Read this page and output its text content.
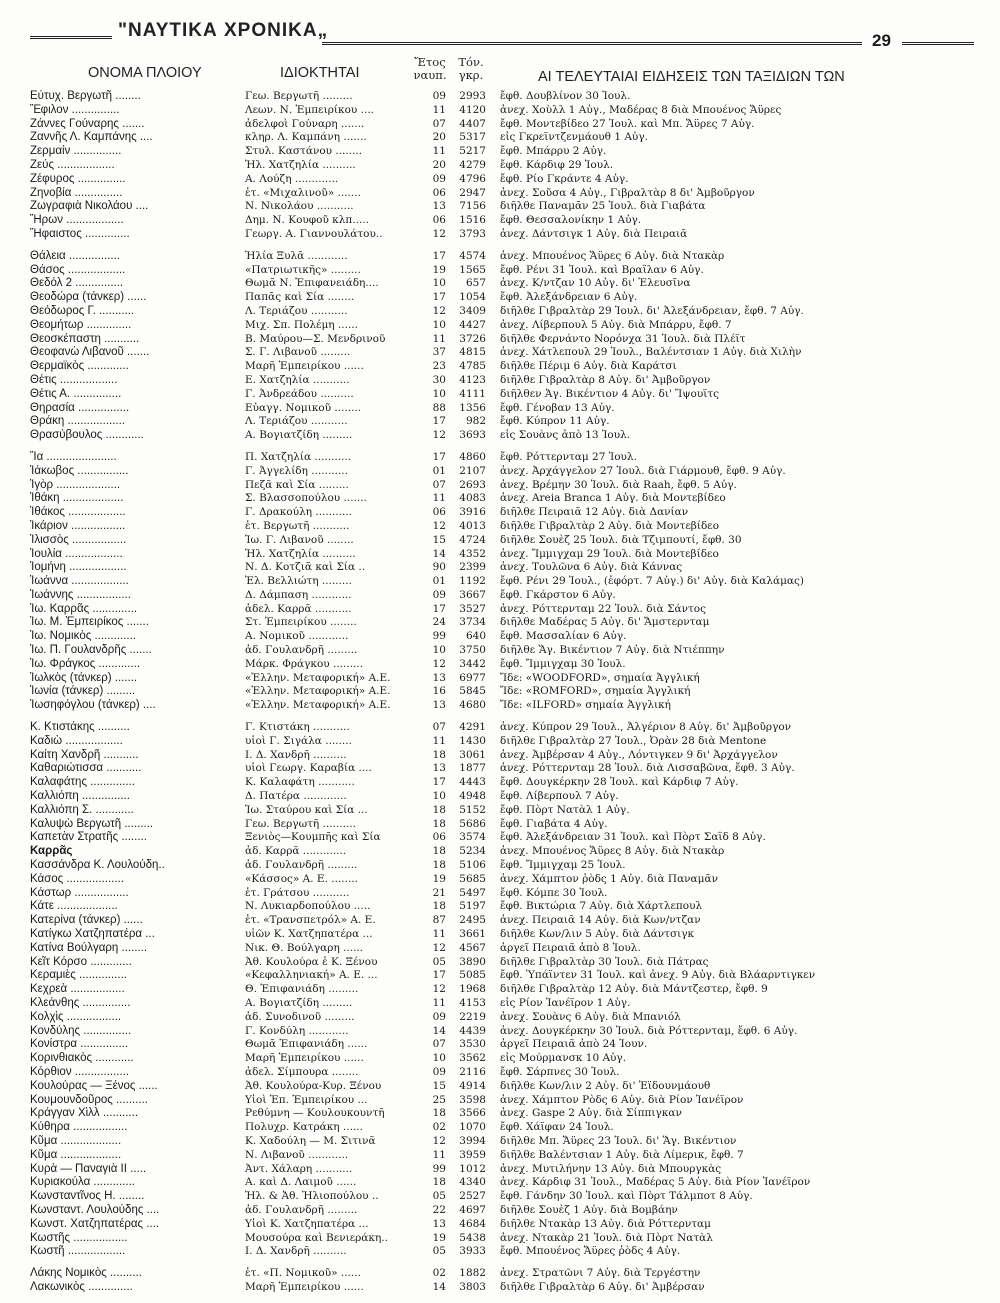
"ΝΑΥΤΙΚΑ ΧΡΟΝΙΚΑ„	29
ΟΝΟΜΑ ΠΛΟΙΟΥ	ΙΔΙΟΚΤΗΤΑΙ
Ἔτος
ναυπ.
Τόν.
γκρ.	ΑΙ ΤΕΛΕΥΤΑΙΑΙ ΕΙΔΗΣΕΙΣ ΤΩΝ ΤΑΞΙΔΙΩΝ ΤΩΝ
Εὐτυχ. Βεργωτῆ ........	Γεω. Βεργωτῆ .........	09	2993 ἔφθ. Δουβλίνον 30 Ἰουλ.
Ἔφιλον ...............	Λεων. Ν. Ἐμπειρίκου ....	11	4120 ἀνεχ. Χοὺλλ 1 Αὐγ., Μαδέρας 8 διὰ Μπουένος Ἄϋρες
Ζάννες Γούναρης .......	ἀδελφοὶ Γούναρη .......	07	4407 ἔφθ. Μοντεβίδεο 27 Ἰουλ. καὶ Μπ. Ἄϋρες 7 Αὐγ.
Ζαννῆς Λ. Καμπάνης ....	κληρ. Λ. Καμπάνη .......	20	5317 εἰς Γκρεϊντζενμάουθ 1 Αὐγ.
Ζερμαίν ...............	Στυλ. Καστάνου ........	11	5217 ἔφθ. Μπάρρυ 2 Αὐγ.
Ζεύς ..................	Ἠλ. Χατζηλία ..........	20	4279 ἔφθ. Κάρδιφ 29 Ἰουλ.
Ζέφυρος ...............	Α. Λούζη .............	09	4796 ἔφθ. Ρίο Γκράντε 4 Αὐγ.
Ζηνοβία ...............	ἑτ. «Μιχαλινοῦ» .......	06	2947 ἀνεχ. Σοῦσα 4 Αὐγ., Γιβραλτὰρ 8 δι' Ἀμβοῦργον
Ζωγραφιὰ Νικολάου ....	Ν. Νικολάου ...........	13	7156 διῆλθε Παναμᾶν 25 Ἰουλ. διὰ Γιαβάτα
Ἥρων ..................	Δημ. Ν. Κουφοῦ κλπ.....	06	1516 ἔφθ. Θεσσαλονίκην 1 Αὐγ.
Ἥφαιστος ..............	Γεωργ. Α. Γιαννουλάτου..	12	3793 ἀνεχ. Δάντσιγκ 1 Αὐγ. διὰ Πειραιᾶ
Θάλεια ................	Ἠλία Ξυλᾶ ............	17	4574 ἀνεχ. Μπουένος Ἄϋρες 6 Αὐγ. διὰ Ντακὰρ
Θάσος ..................	«Πατριωτικῆς» .........	19	1565 ἔφθ. Ρένι 31 Ἰουλ. καὶ Βραΐλαν 6 Αὐγ.
Θεδόλ 2 ...............	Θωμᾶ Ν. Ἐπιφανειάδη....	10	657 ἀνεχ. Κ/ντζαν 10 Αὐγ. δι' Ἐλευσῖνα
Θεοδώρα (τάνκερ) ......	Παπᾶς καὶ Σία ........	17	1054 ἔφθ. Ἀλεξάνδρειαν 6 Αὐγ.
Θεόδωρος Γ. ...........	Λ. Τεριάζου ...........	12	3409 διῆλθε Γιβραλτὰρ 29 Ἰουλ. δι' Ἀλεξάνδρειαν, ἔφθ. 7 Αὐγ.
Θεομήτωρ ..............	Μιχ. Σπ. Πολέμη ......	10	4427 ἀνεχ. Λίβερπουλ 5 Αὐγ. διὰ Μπάρρυ, ἔφθ. 7
Θεοσκέπαστη ...........	Β. Μαύρου—Σ. Μενδρινοῦ	11	3726 διῆλθε Φερνάντο Νορόνχα 31 Ἰουλ. διὰ Πλέϊτ
Θεοφανὼ Λιβανοῦ .......	Σ. Γ. Λιβανοῦ .........	37	4815 ἀνεχ. Χάτλεπουλ 29 Ἰουλ., Βαλέντσιαν 1 Αὐγ. διὰ Χιλὴν
Θερμαϊκὸς .............	Μαρῆ Ἐμπειρίκου ......	23	4785 διῆλθε Πέριμ 6 Αὐγ. διὰ Καράτσι
Θέτις ..................	Ε. Χατζηλία ...........	30	4123 διῆλθε Γιβραλτὰρ 8 Αὐγ. δι' Ἀμβοῦργον
Θέτις Α. ...............	Γ. Ἀνδρεάδου ..........	10	4111 διῆλθεν Ἁγ. Βικέντιον 4 Αὐγ. δι' Ἴψουϊτς
Θηρασία ................	Εὐαγγ. Νομικοῦ ........	88	1356 ἔφθ. Γένοβαν 13 Αὐγ.
Θράκη ..................	Λ. Τεριάζου ...........	17	982 ἔφθ. Κύπρον 11 Αὐγ.
Θρασύβουλος ............	Α. Βογιατζίδη .........	12	3693 εἰς Σουὰνς ἀπὸ 13 Ἰουλ.
Ἴα ......................	Π. Χατζηλία ...........	17	4860 ἔφθ. Ρόττερνταμ 27 Ἰουλ.
Ἰάκωβος ................	Γ. Ἀγγελίδη ...........	01	2107 ἀνεχ. Ἀρχάγγελον 27 Ἰουλ. διὰ Γιάρμουθ, ἔφθ. 9 Αὐγ.
Ἰγὸρ ....................	Πεζᾶ καὶ Σία .........	07	2693 ἀνεχ. Βρέμην 30 Ἰουλ. διὰ Raah, ἔφθ. 5 Αὐγ.
Ἰθάκη ...................	Σ. Βλασσοπούλου .......	11	4083 ἀνεχ. Areia Branca 1 Αὐγ. διὰ Μοντεβίδεο
Ἰθάκος ..................	Γ. Δρακούλη ...........	06	3916 διῆλθε Πειραιᾶ 12 Αὐγ. διὰ Δανίαν
Ἰκάριον .................	ἑτ. Βεργωτῆ ...........	12	4013 διῆλθε Γιβραλτὰρ 2 Αὐγ. διὰ Μοντεβίδεο
Ἰλισσὸς .................	Ἰω. Γ. Λιβανοῦ ........	15	4724 διῆλθε Σουὲζ 25 Ἰουλ. διὰ Τζιμπουτί, ἔφθ. 30
Ἰουλία ..................	Ἠλ. Χατζηλία ..........	14	4352 ἀνεχ. Ἴμμιγχαμ 29 Ἰουλ. διὰ Μοντεβίδεο
Ἰομήνη ..................	Ν. Δ. Κοτζιᾶ καὶ Σία ..	90	2399 ἀνεχ. Τουλῶνα 6 Αὐγ. διὰ Κάννας
Ἰωάννα ..................	Ἐλ. Βελλιώτη .........	01	1192 ἔφθ. Ρένι 29 Ἰουλ., (ἐφόρτ. 7 Αὐγ.) δι' Αὐγ. διὰ Καλάμας)
Ἰωάννης .................	Δ. Δάμπαση ............	09	3667 ἔφθ. Γκάρστον 6 Αὐγ.
Ἰω. Καρρᾶς ..............	ἀδελ. Καρρᾶ ...........	17	3527 ἀνεχ. Ρόττερνταμ 22 Ἰουλ. διὰ Σάντος
Ἰω. Μ. Ἐμπειρίκος .......	Στ. Ἐμπειρίκου ........	24	3734 διῆλθε Μαδέρας 5 Αὐγ. δι' Ἄμστερνταμ
Ἰω. Νομικὸς .............	Α. Νομικοῦ ............	99	640 ἔφθ. Μασσαλίαν 6 Αὐγ.
Ἰω. Π. Γουλανδρῆς .......	ἀδ. Γουλανδρῆ .........	10	3750 διῆλθε Ἅγ. Βικέντιον 7 Αὐγ. διὰ Ντιέππην
Ἰω. Φράγκος .............	Μάρκ. Φράγκου .........	12	3442 ἔφθ. Ἴμμιγχαμ 30 Ἰουλ.
Ἰωλκὸς (τάνκερ) .......	«Ἑλλην. Μεταφορική» Α.Ε.	13	6977 Ἴδε: «WOODFORD», σημαία Ἀγγλική
Ἰωνία (τάνκερ) .........	«Ἑλλην. Μεταφορική» Α.Ε.	16	5845 Ἴδε: «ROMFORD», σημαία Ἀγγλική
Ἰωσηφόγλου (τάνκερ) ....	«Ἑλλην. Μεταφορική» Α.Ε.	13	4680 Ἴδε: «ILFORD» σημαία Ἀγγλική
Κ. Κτιστάκης ..........	Γ. Κτιστάκη ...........	07	4291 ἀνεχ. Κύπρον 29 Ἰουλ., Ἀλγέριον 8 Αὐγ. δι' Ἀμβοῦργον
Καδιὼ ..................	υἱοὶ Γ. Σιγάλα ........	11	1430 διῆλθε Γιβραλτὰρ 27 Ἰουλ., Ὀρὰν 28 διὰ Mentone
Καίτη Χανδρῆ ...........	Ι. Δ. Χανδρῆ ..........	18	3061 ἀνεχ. Ἀμβέρσαν 4 Αὐγ., Λόντιγκεν 9 δι' Ἀρχάγγελον
Καθαριώτισσα ...........	υἱοὶ Γεωργ. Καραβία ....	13	1877 ἀνεχ. Ρόττερνταμ 28 Ἰουλ. διὰ Λισσαβῶνα, ἔφθ. 3 Αὐγ.
Καλαφάτης ..............	Κ. Καλαφάτη ...........	17	4443 ἔφθ. Δουγκέρκην 28 Ἰουλ. καὶ Κάρδιφ 7 Αὐγ.
Καλλιόπη ...............	Δ. Πατέρα .............	10	4948 ἔφθ. Λίβερπουλ 7 Αὐγ.
Καλλιόπη Σ. ............	Ἰω. Σταύρου καὶ Σία ...	18	5152 ἔφθ. Πὸρτ Νατὰλ 1 Αὐγ.
Καλυψὼ Βεργωτῆ .........	Γεω. Βεργωτῆ ..........	18	5686 ἔφθ. Γιαβάτα 4 Αὐγ.
Καπετὰν Στρατῆς ........	Ξενιὸς—Κουμπῆς καὶ Σία	06	3574 ἔφθ. Ἀλεξάνδρειαν 31 Ἰουλ. καὶ Πὸρτ Σαΐδ 8 Αὐγ.
Καρρᾶς	ἀδ. Καρρᾶ .............	18	5234 ἀνεχ. Μπουένος Ἄϋρες 8 Αὐγ. διὰ Ντακὰρ
Κασσάνδρα Κ. Λουλούδη..	ἀδ. Γουλανδρῆ .........	18	5106 ἔφθ. Ἴμμιγχαμ 25 Ἰουλ.
Κάσος ..................	«Κάσσος» Α. Ε. ........	19	5685 ἀνεχ. Χάμπτον ῥὸδς 1 Αὐγ. διὰ Παναμᾶν
Κάστωρ .................	ἑτ. Γράτσου ...........	21	5497 ἔφθ. Κόμπε 30 Ἰουλ.
Κάτε ...................	Ν. Λυκιαρδοπούλου .....	18	5197 ἔφθ. Βικτώρια 7 Αὐγ. διὰ Χάρτλεπουλ
Κατερίνα (τάνκερ) ......	ἑτ. «Τρανσπετρόλ» Α. Ε.	87	2495 ἀνεχ. Πειραιᾶ 14 Αὐγ. διὰ Κων/ντζαν
Κατίγκω Χατζηπατέρα ...	υἱῶν Κ. Χατζηπατέρα ...	11	3661 διῆλθε Κων/λιν 5 Αὐγ. διὰ Δάντσιγκ
Κατίνα Βούλγαρη ........	Νικ. Θ. Βούλγαρη ......	12	4567 ἀργεῖ Πειραιᾶ ἀπὸ 8 Ἰουλ.
Κεῖτ Κόρσο .............	Ἀθ. Κουλούρα ἐ Κ. Ξένου	05	3890 διῆλθε Γιβραλτὰρ 30 Ἰουλ. διὰ Πάτρας
Κεραμιὲς ...............	«Κεφαλληνιακή» Α. Ε. ...	17	5085 ἔφθ. Ὑπάϊντεν 31 Ἰουλ. καὶ ἀνεχ. 9 Αὐγ. διὰ Βλάαρντιγκεν
Κεχρεὰ .................	Θ. Ἐπιφανιάδη .........	12	1968 διῆλθε Γιβραλτὰρ 12 Αὐγ. διὰ Μάντζεστερ, ἔφθ. 9
Κλεάνθης ...............	Α. Βογιατζίδη .........	11	4153 εἰς Ρίον Ἰανέϊρον 1 Αὐγ.
Κολχὶς .................	ἀδ. Συνοδινοῦ .........	09	2219 ἀνεχ. Σουὰνς 6 Αὐγ. διὰ Μπανιόλ
Κονδύλης ...............	Γ. Κονδύλη ............	14	4439 ἀνεχ. Δουγκέρκην 30 Ἰουλ. διὰ Ρόττερνταμ, ἔφθ. 6 Αὐγ.
Κονίστρα ...............	Θωμᾶ Ἐπιφανιάδη ......	07	3530 ἀργεῖ Πειραιᾶ ἀπὸ 24 Ἰουν.
Κορινθιακὸς ............	Μαρῆ Ἐμπειρίκου ......	10	3562 εἰς Μούρμανσκ 10 Αὐγ.
Κόρθιον .................	ἀδελ. Σίμπουρα ........	09	2116 ἔφθ. Σάρπνες 30 Ἰουλ.
Κουλούρας — Ξένος ......	Ἀθ. Κουλούρα-Κυρ. Ξένου	15	4914 διῆλθε Κων/λιν 2 Αὐγ. δι' Ἐϊδουνμάουθ
Κουμουνδοῦρος ..........	Υἱοὶ Ἐπ. Ἐμπειρίκου ...	25	3598 ἀνεχ. Χάμπτον Ρὸδς 6 Αὐγ. διὰ Ρίον Ἰανέϊρον
Κράγγαν Χὶλλ ...........	Ρεθύμνη — Κουλουκουντῆ	18	3566 ἀνεχ. Gaspe 2 Αὐγ. διὰ Σίππιγκαν
Κύθηρα .................	Πολυχρ. Κατράκη ......	02	1070 ἔφθ. Χάϊφαν 24 Ἰουλ.
Κῦμα ...................	Κ. Χαδούλη — Μ. Σιτινᾶ	12	3994 διῆλθε Μπ. Ἄϋρες 23 Ἰουλ. δι' Ἅγ. Βικέντιον
Κῦμα ...................	Ν. Λιβανοῦ ............	11	3959 διῆλθε Βαλέντσιαν 1 Αὐγ. διὰ Λίμερικ, ἔφθ. 7
Κυρὰ — Παναγιὰ ΙΙ .....	Ἀντ. Χάλαρη ...........	99	1012 ἀνεχ. Μυτιλήνην 13 Αὐγ. διὰ Μπουργκὰς
Κυριακούλα .............	Α. καὶ Δ. Λαιμοῦ ......	18	4340 ἀνεχ. Κάρδιφ 31 Ἰουλ., Μαδέρας 5 Αὐγ. διὰ Ρίον Ἰανέϊρον
Κωνσταντῖνος Η. ........	Ἠλ. & Ἀθ. Ἡλιοπούλου ..	05	2527 ἔφθ. Γάνδην 30 Ἰουλ. καὶ Πὸρτ Τάλμποτ 8 Αὐγ.
Κωνσταντ. Λουλούδης ....	ἀδ. Γουλανδρῆ .........	22	4697 διῆλθε Σουὲζ 1 Αὐγ. διὰ Βομβάην
Κωνστ. Χατζηπατέρας ....	Υἱοὶ Κ. Χατζηπατέρα ...	13	4684 διῆλθε Ντακὰρ 13 Αὐγ. διὰ Ρόττερνταμ
Κωστῆς .................	Μουσούρα καὶ Βενιεράκη..	19	5438 ἀνεχ. Ντακὰρ 21 Ἰουλ. διὰ Πὸρτ Νατὰλ
Κωστῆ ..................	Ι. Δ. Χανδρῆ ..........	05	3933 ἔφθ. Μπουένος Ἄϋρες ῥὸδς 4 Αὐγ.
Λάκης Νομικὸς ..........	ἑτ. «Π. Νομικοῦ» ......	02	1882 ἀνεχ. Στρατῶνι 7 Αὐγ. διὰ Τεργέστην
Λακωνικὸς ..............	Μαρῆ Ἐμπειρίκου ......	14	3803 διῆλθε Γιβραλτὰρ 6 Αὐγ. δι' Ἀμβέρσαν
